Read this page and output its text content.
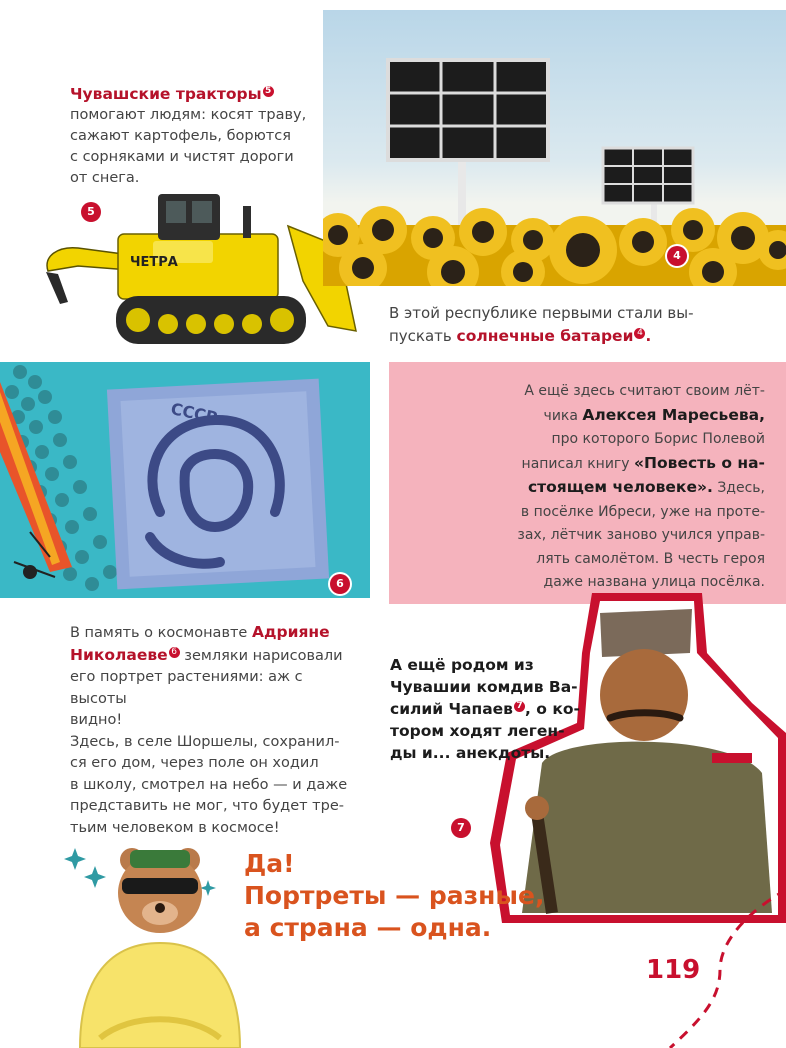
Чувашские тракторы 5
помогают людям: косят траву,
сажают картофель, борются
с сорняками и чистят дороги
от снега.
ЧЕТРА
5
4
В этой республике первыми стали вы-
пускать солнечные батареи 4 .
СССР
6
А ещё здесь считают своим лёт-
чика Алексея Маресьева,
про которого Борис Полевой
написал книгу «Повесть о на-
стоящем человеке». Здесь,
в посёлке Ибреси, уже на протe-
зах, лётчик заново учился управ-
лять самолётом. В честь героя
даже названа улица посёлка.
В память о космонавте Адрияне
Николаеве 6 земляки нарисовали
его портрет растениями: аж с высоты
видно!
Здесь, в селе Шоршелы, сохранил-
ся его дом, через поле он ходил
в школу, смотрел на небо — и даже
представить не мог, что будет тре-
тьим человеком в космосе!
А ещё родом из
Чувашии комдив Ва-
силий Чапаев 7 , о ко-
тором ходят леген-
ды и... анекдоты.
7
Да!
Портреты — разные,
а страна — одна.
119
